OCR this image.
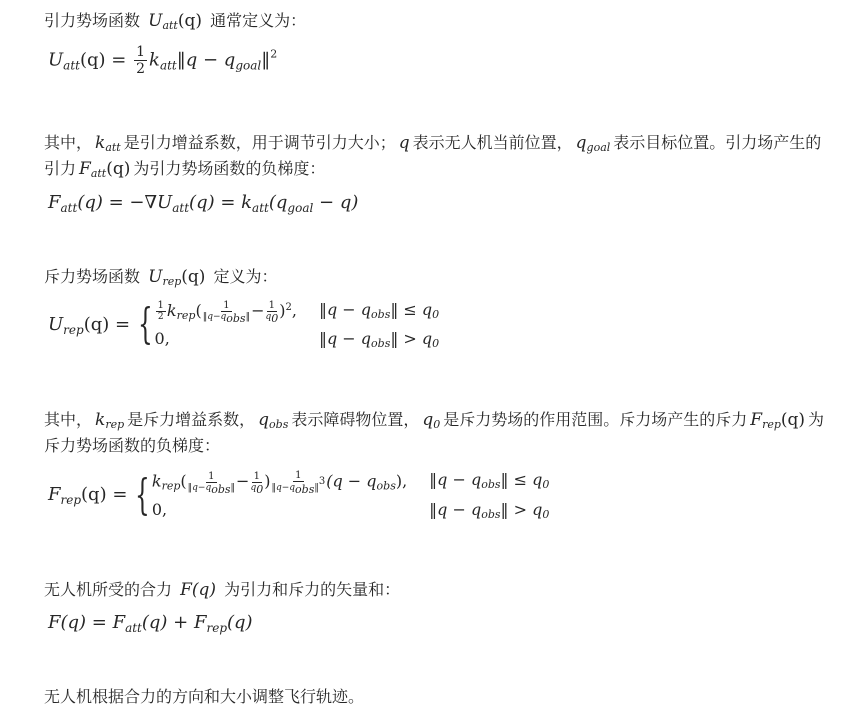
引力势场函数 $U_{att}(q)$ 通常定义为：
$U_{att}(q) = \frac{1}{2}$ $k_{att}‖q$ − $q_{goal}‖^2$
其中， $k_{att}$ 是引力增益系数，用于调节引力大小； q 表示无人机当前位置， $q_{goal}$ 表示目标位置。引力场产生的引力 $F_{att}(q)$ 为引力势场函数的负梯度：
$F_{att}(q) = -\nabla U_{att}(q) = k_{att}(q_{goal} - q)$
斥力势场函数 $U_{rep}(q)$ 定义为：
$U_{rep}(q)$ = { $\frac{1}{2} k_{rep}( \frac{1}{‖q-q_{obs}‖} - \frac{1}{q_0} )^2$, ‖q − $q_{obs}‖ \le q_0$
0,	‖q − $q_{obs}‖ > q_0$
其中， $k_{rep}$ 是斥力增益系数， $q_{obs}$ 表示障碍物位置， $q_0$ 是斥力势场的作用范围。斥力场产生的斥力 $F_{rep}(q)$ 为斥力势场函数的负梯度：
$F_{rep}(q)$ = { $k_{rep}( \frac{1}{‖q-q_{obs}‖} - \frac{1}{q_0}$ ) $\frac{1}{‖q-q_{obs}‖^3} (q - q_{obs})$, ‖q − $q_{obs}‖ \le q_0$
0,	‖q − $q_{obs}‖ > q_0$
无人机所受的合力 F(q) 为引力和斥力的矢量和：
$F(q) = F_{att}(q) + F_{rep}(q)$
无人机根据合力的方向和大小调整飞行轨迹。
